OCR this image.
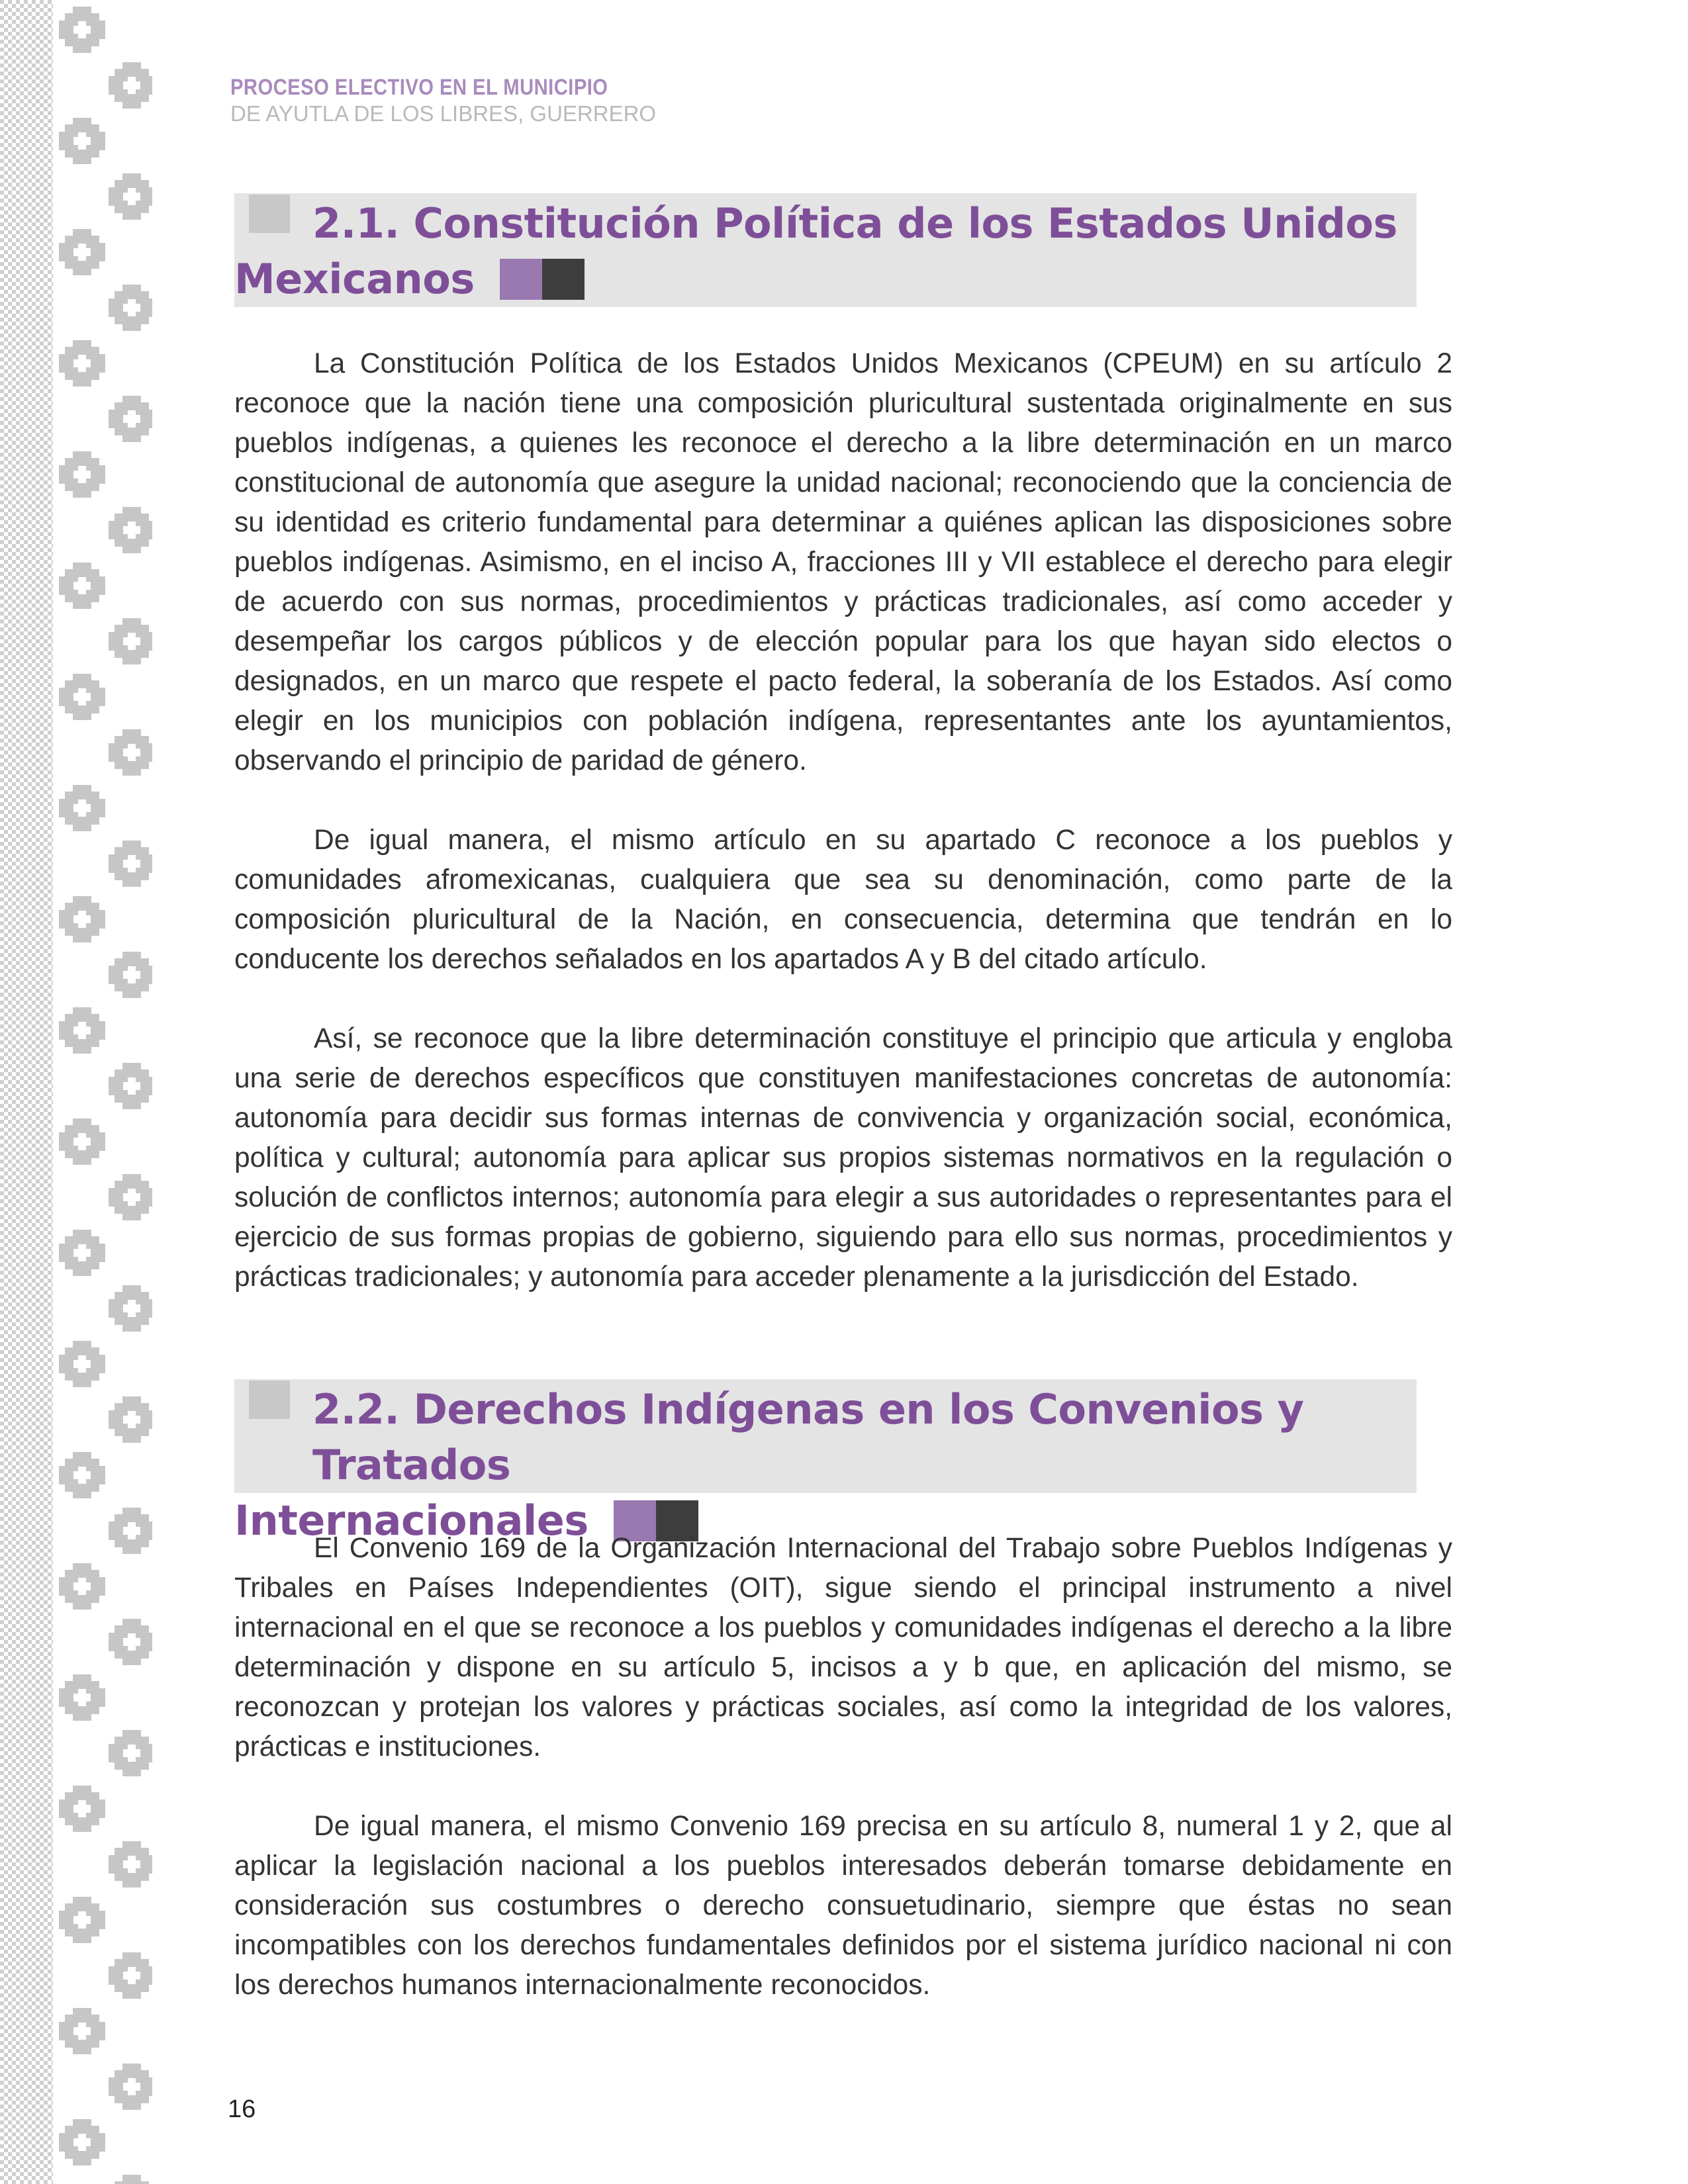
PROCESO ELECTIVO EN EL MUNICIPIO
DE AYUTLA DE LOS LIBRES, GUERRERO
2.1. Constitución Política de los Estados Unidos
Mexicanos

La Constitución Política de los Estados Unidos Mexicanos (CPEUM) en su artículo 2 reconoce que la nación tiene una composición pluricultural sustentada originalmente en sus pueblos indígenas, a quienes les reconoce el derecho a la libre determinación en un marco constitucional de autonomía que asegure la unidad nacional; reconociendo que la conciencia de su identidad es criterio fundamental para determinar a quiénes aplican las disposiciones sobre pueblos indígenas. Asimismo, en el inciso A, fracciones III y VII establece el derecho para elegir de acuerdo con sus normas, procedimientos y prácticas tradicionales, así como acceder y desempeñar los cargos públicos y de elección popular para los que hayan sido electos o designados, en un marco que respete el pacto federal, la soberanía de los Estados. Así como elegir en los municipios con población indígena, representantes ante los ayuntamientos, observando el principio de paridad de género.

De igual manera, el mismo artículo en su apartado C reconoce a los pueblos y comunidades afromexicanas, cualquiera que sea su denominación, como parte de la composición pluricultural de la Nación, en consecuencia, determina que tendrán en lo conducente los derechos señalados en los apartados A y B del citado artículo.

Así, se reconoce que la libre determinación constituye el principio que articula y engloba una serie de derechos específicos que constituyen manifestaciones concretas de autonomía: autonomía para decidir sus formas internas de convivencia y organización social, económica, política y cultural; autonomía para aplicar sus propios sistemas normativos en la regulación o solución de conflictos internos; autonomía para elegir a sus autoridades o representantes para el ejercicio de sus formas propias de gobierno, siguiendo para ello sus normas, procedimientos y prácticas tradicionales; y autonomía para acceder plenamente a la jurisdicción del Estado.

2.2. Derechos Indígenas en los Convenios y Tratados
Internacionales

El Convenio 169 de la Organización Internacional del Trabajo sobre Pueblos Indígenas y Tribales en Países Independientes (OIT), sigue siendo el principal instrumento a nivel internacional en el que se reconoce a los pueblos y comunidades indígenas el derecho a la libre determinación y dispone en su artículo 5, incisos a y b que, en aplicación del mismo, se reconozcan y protejan los valores y prácticas sociales, así como la integridad de los valores, prácticas e instituciones.

De igual manera, el mismo Convenio 169 precisa en su artículo 8, numeral 1 y 2, que al aplicar la legislación nacional a los pueblos interesados deberán tomarse debidamente en consideración sus costumbres o derecho consuetudinario, siempre que éstas no sean incompatibles con los derechos fundamentales definidos por el sistema jurídico nacional ni con los derechos humanos internacionalmente reconocidos.

16
